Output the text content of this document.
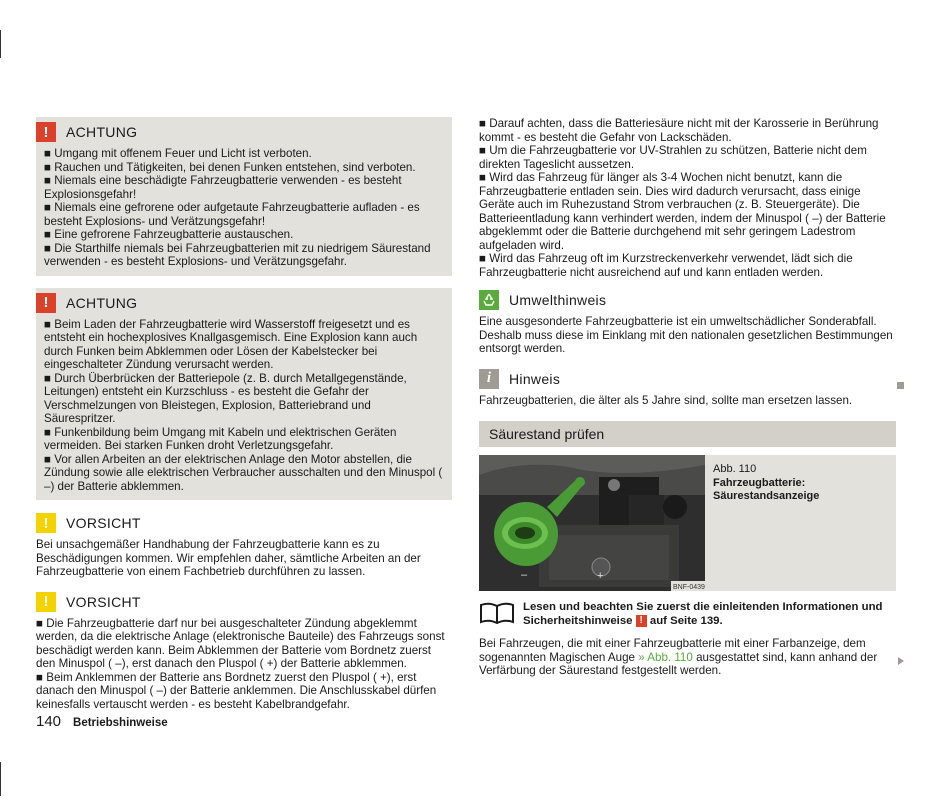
!	ACHTUNG

■ Umgang mit offenem Feuer und Licht ist verboten.

■ Rauchen und Tätigkeiten, bei denen Funken entstehen, sind verboten.

■ Niemals eine beschädigte Fahrzeugbatterie verwenden - es besteht Explosionsgefahr!

■ Niemals eine gefrorene oder aufgetaute Fahrzeugbatterie aufladen - es besteht Explosions- und Verätzungsgefahr!

■ Eine gefrorene Fahrzeugbatterie austauschen.

■ Die Starthilfe niemals bei Fahrzeugbatterien mit zu niedrigem Säurestand verwenden - es besteht Explosions- und Verätzungsgefahr.

!	ACHTUNG

■ Beim Laden der Fahrzeugbatterie wird Wasserstoff freigesetzt und es entsteht ein hochexplosives Knallgasgemisch. Eine Explosion kann auch durch Funken beim Abklemmen oder Lösen der Kabelstecker bei eingeschalteter Zündung verursacht werden.

■ Durch Überbrücken der Batteriepole (z. B. durch Metallgegenstände, Leitungen) entsteht ein Kurzschluss - es besteht die Gefahr der Verschmelzungen von Bleistegen, Explosion, Batteriebrand und Säurespritzer.

■ Funkenbildung beim Umgang mit Kabeln und elektrischen Geräten vermeiden. Bei starken Funken droht Verletzungsgefahr.

■ Vor allen Arbeiten an der elektrischen Anlage den Motor abstellen, die Zündung sowie alle elektrischen Verbraucher ausschalten und den Minuspol ( –) der Batterie abklemmen.

!	VORSICHT

Bei unsachgemäßer Handhabung der Fahrzeugbatterie kann es zu Beschädigungen kommen. Wir empfehlen daher, sämtliche Arbeiten an der Fahrzeugbatterie von einem Fachbetrieb durchführen zu lassen.

!	VORSICHT

■ Die Fahrzeugbatterie darf nur bei ausgeschalteter Zündung abgeklemmt werden, da die elektrische Anlage (elektronische Bauteile) des Fahrzeugs sonst beschädigt werden kann. Beim Abklemmen der Batterie vom Bordnetz zuerst den Minuspol ( –), erst danach den Pluspol ( +) der Batterie abklemmen.

■ Beim Anklemmen der Batterie ans Bordnetz zuerst den Pluspol ( +), erst danach den Minuspol ( –) der Batterie anklemmen. Die Anschlusskabel dürfen keinesfalls vertauscht werden - es besteht Kabelbrandgefahr.

■ Darauf achten, dass die Batteriesäure nicht mit der Karosserie in Berührung kommt - es besteht die Gefahr von Lackschäden.

■ Um die Fahrzeugbatterie vor UV-Strahlen zu schützen, Batterie nicht dem direkten Tageslicht aussetzen.

■ Wird das Fahrzeug für länger als 3-4 Wochen nicht benutzt, kann die Fahrzeugbatterie entladen sein. Dies wird dadurch verursacht, dass einige Geräte auch im Ruhezustand Strom verbrauchen (z. B. Steuergeräte). Die Batterieentladung kann verhindert werden, indem der Minuspol ( –) der Batterie abgeklemmt oder die Batterie durchgehend mit sehr geringem Ladestrom aufgeladen wird.

■ Wird das Fahrzeug oft im Kurzstreckenverkehr verwendet, lädt sich die Fahrzeugbatterie nicht ausreichend auf und kann entladen werden.

Umwelthinweis

Eine ausgesonderte Fahrzeugbatterie ist ein umweltschädlicher Sonderabfall. Deshalb muss diese im Einklang mit den nationalen gesetzlichen Bestimmungen entsorgt werden.

i	Hinweis

Fahrzeugbatterien, die älter als 5 Jahre sind, sollte man ersetzen lassen.

Säurestand prüfen
–	+
BNF-0439
Abb. 110
Fahrzeugbatterie: Säurestandsanzeige
Lesen und beachten Sie zuerst die einleitenden Informationen und Sicherheitshinweise ! auf Seite 139.
Bei Fahrzeugen, die mit einer Fahrzeugbatterie mit einer Farbanzeige, dem sogenannten Magischen Auge » Abb. 110 ausgestattet sind, kann anhand der Verfärbung der Säurestand festgestellt werden.
140 Betriebshinweise
